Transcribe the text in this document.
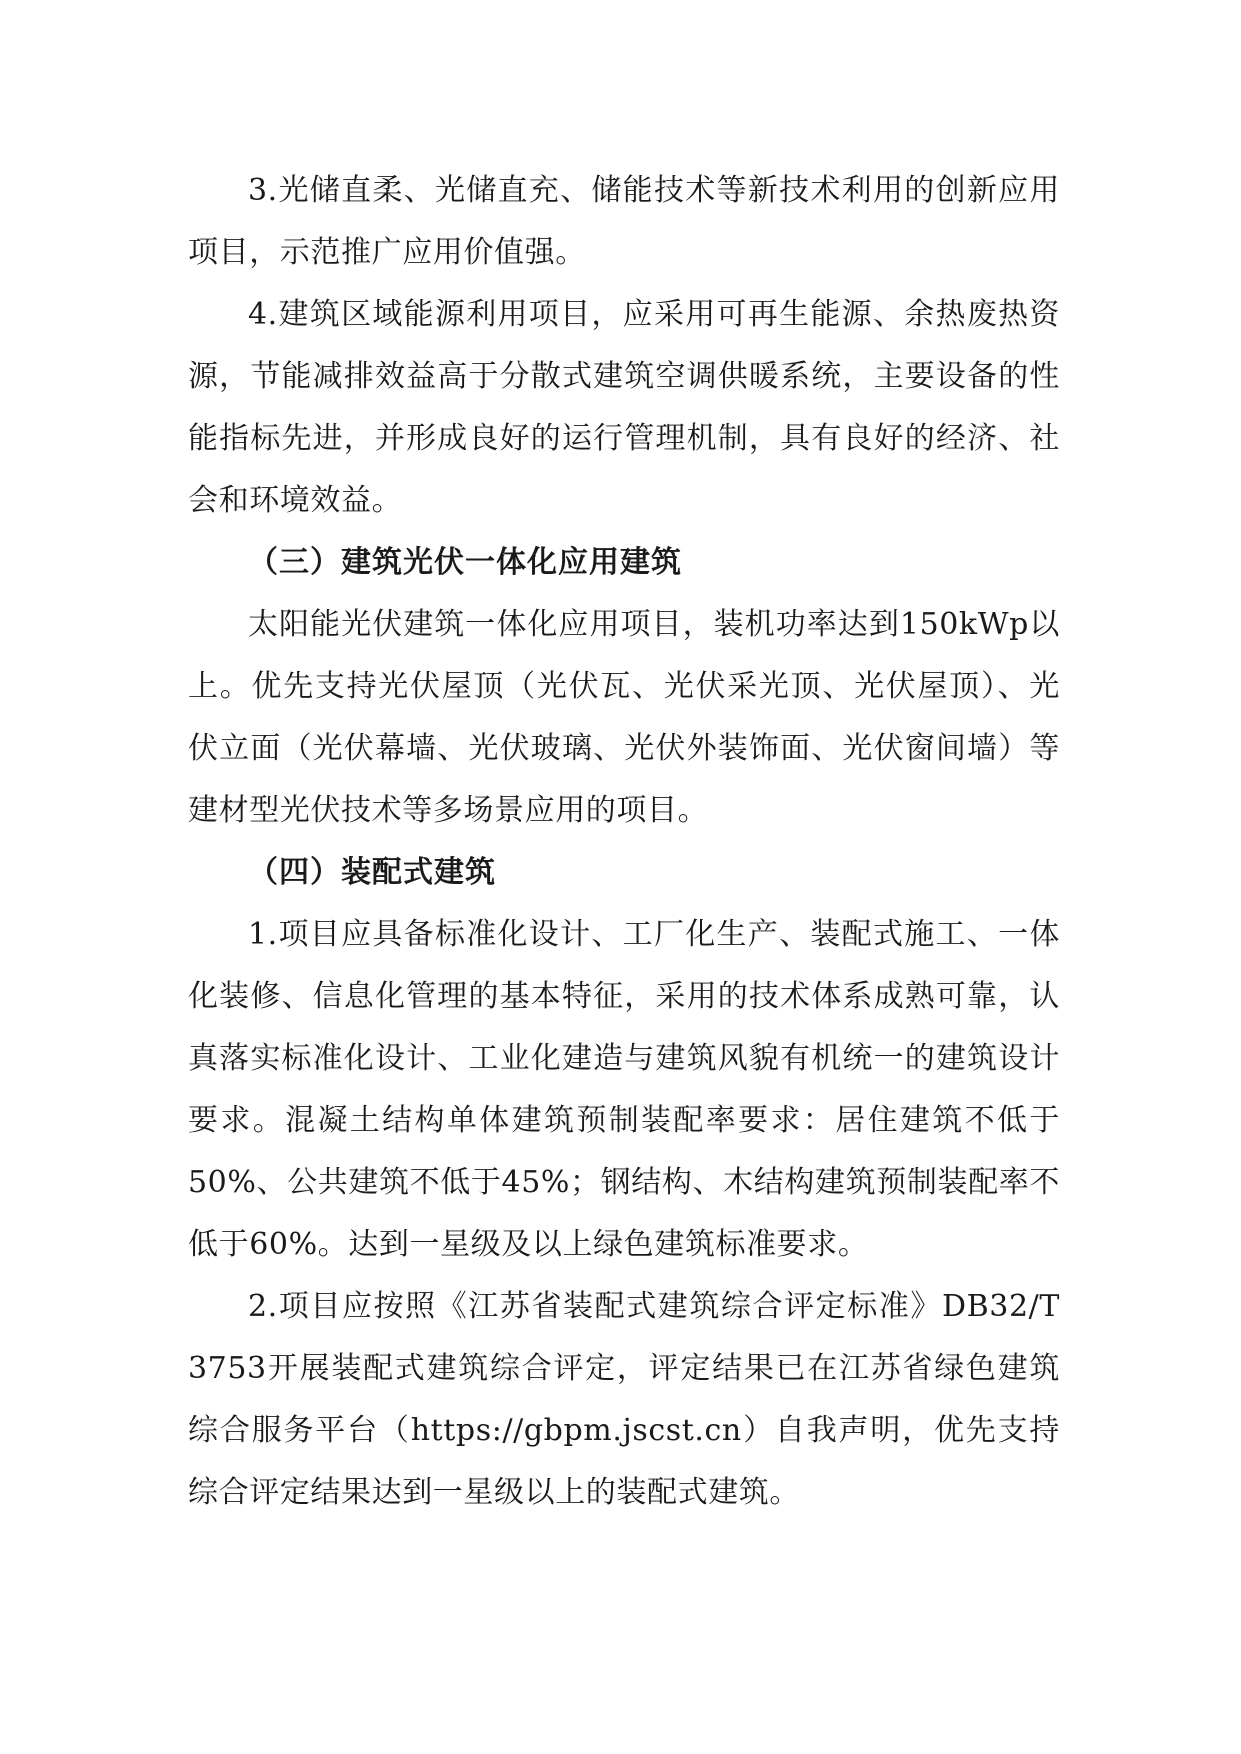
3.光储直柔、光储直充、储能技术等新技术利用的创新应用项目，示范推广应用价值强。

4.建筑区域能源利用项目，应采用可再生能源、余热废热资源，节能减排效益高于分散式建筑空调供暖系统，主要设备的性能指标先进，并形成良好的运行管理机制，具有良好的经济、社会和环境效益。

（三）建筑光伏一体化应用建筑

太阳能光伏建筑一体化应用项目，装机功率达到150kWp以上。优先支持光伏屋顶（光伏瓦、光伏采光顶、光伏屋顶）、光伏立面（光伏幕墙、光伏玻璃、光伏外装饰面、光伏窗间墙）等建材型光伏技术等多场景应用的项目。

（四）装配式建筑

1.项目应具备标准化设计、工厂化生产、装配式施工、一体化装修、信息化管理的基本特征，采用的技术体系成熟可靠，认真落实标准化设计、工业化建造与建筑风貌有机统一的建筑设计要求。混凝土结构单体建筑预制装配率要求：居住建筑不低于50%、公共建筑不低于45%；钢结构、木结构建筑预制装配率不低于60%。达到一星级及以上绿色建筑标准要求。

2.项目应按照《江苏省装配式建筑综合评定标准》DB32/T 3753开展装配式建筑综合评定，评定结果已在江苏省绿色建筑综合服务平台（https://gbpm.jscst.cn）自我声明，优先支持综合评定结果达到一星级以上的装配式建筑。
